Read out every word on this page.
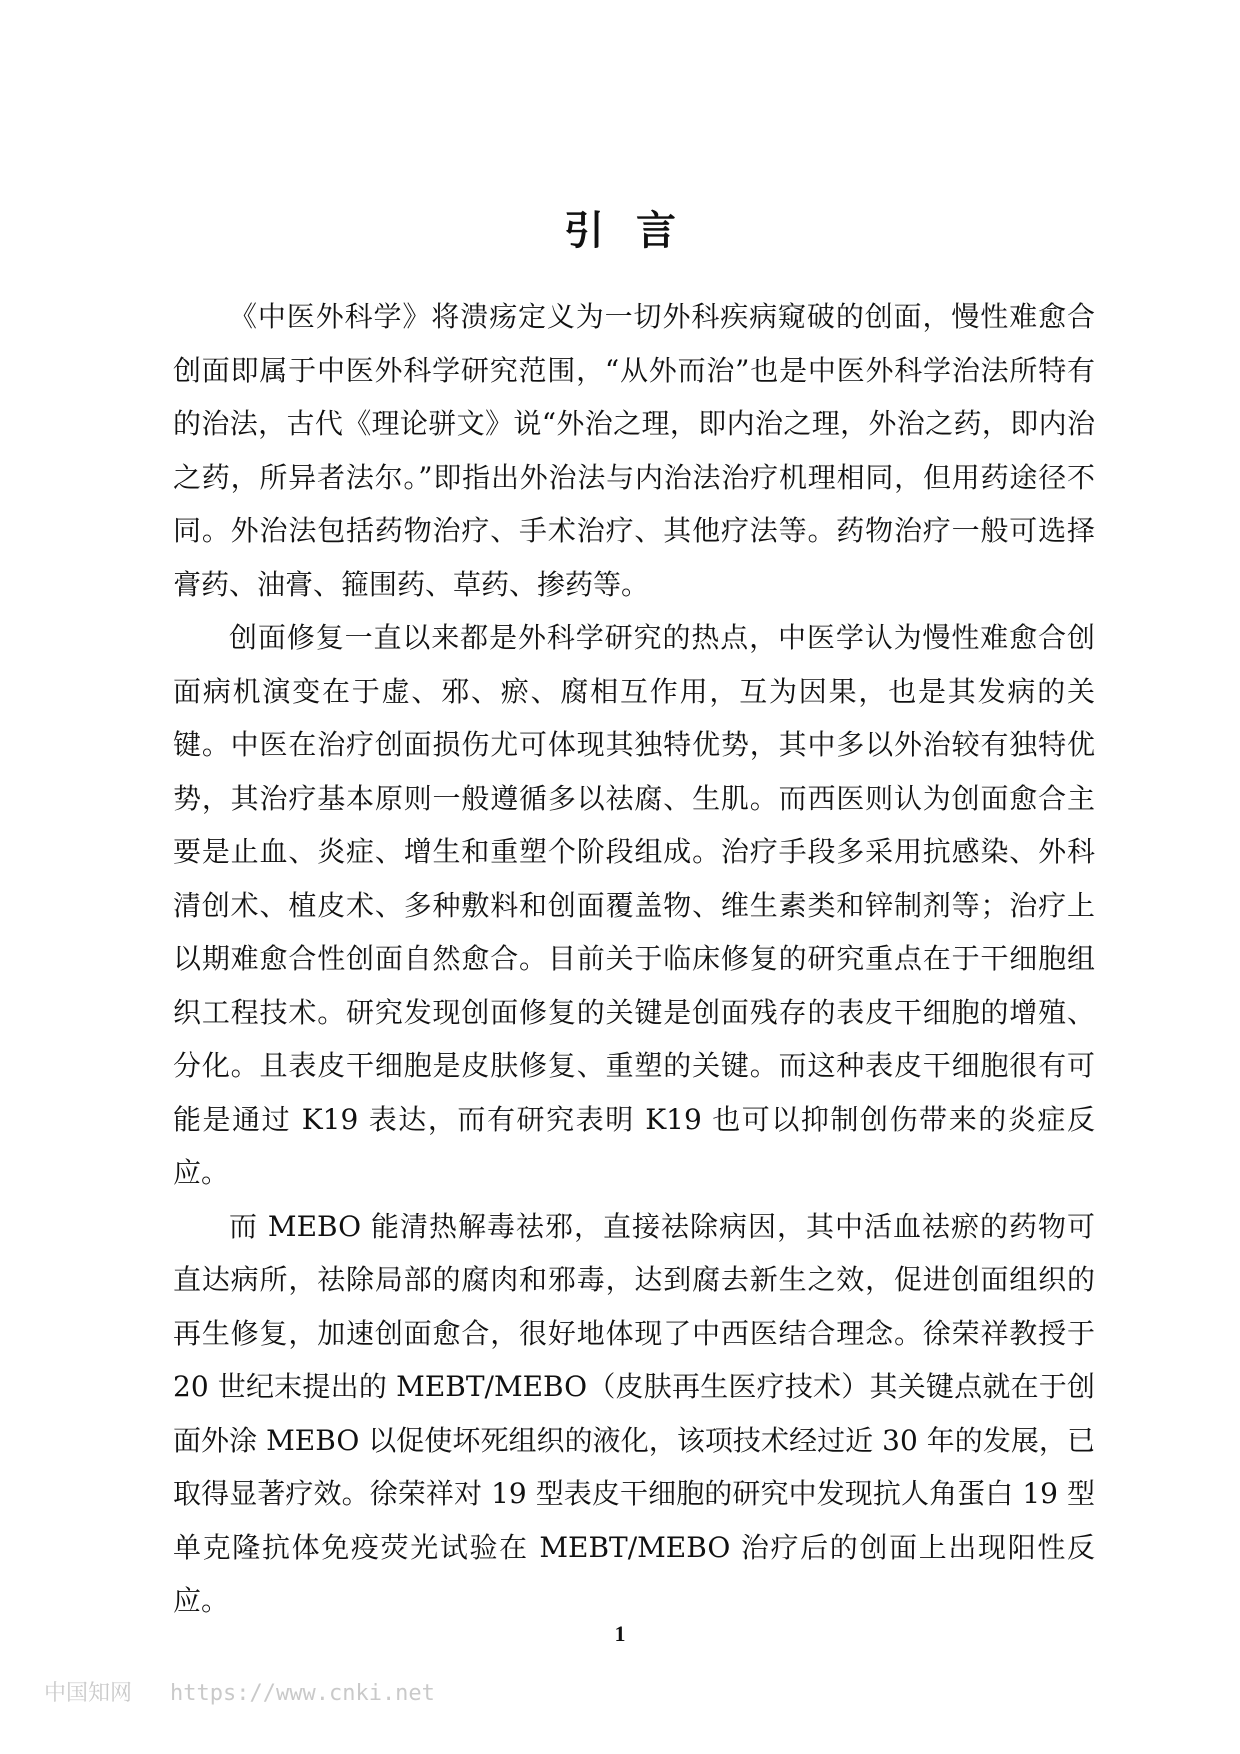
引言

《中医外科学》将溃疡定义为一切外科疾病窥破的创面，慢性难愈合创面即属于中医外科学研究范围，“从外而治”也是中医外科学治法所特有的治法，古代《理论骈文》说“外治之理，即内治之理，外治之药，即内治之药，所异者法尔。”即指出外治法与内治法治疗机理相同，但用药途径不同。外治法包括药物治疗、手术治疗、其他疗法等。药物治疗一般可选择膏药、油膏、箍围药、草药、掺药等。

创面修复一直以来都是外科学研究的热点，中医学认为慢性难愈合创面病机演变在于虚、邪、瘀、腐相互作用，互为因果，也是其发病的关键。中医在治疗创面损伤尤可体现其独特优势，其中多以外治较有独特优势，其治疗基本原则一般遵循多以祛腐、生肌。而西医则认为创面愈合主要是止血、炎症、增生和重塑个阶段组成。治疗手段多采用抗感染、外科清创术、植皮术、多种敷料和创面覆盖物、维生素类和锌制剂等；治疗上以期难愈合性创面自然愈合。目前关于临床修复的研究重点在于干细胞组织工程技术。研究发现创面修复的关键是创面残存的表皮干细胞的增殖、分化。且表皮干细胞是皮肤修复、重塑的关键。而这种表皮干细胞很有可能是通过 K19 表达，而有研究表明 K19 也可以抑制创伤带来的炎症反应。

而 MEBO 能清热解毒祛邪，直接祛除病因，其中活血祛瘀的药物可直达病所，祛除局部的腐肉和邪毒，达到腐去新生之效，促进创面组织的再生修复，加速创面愈合，很好地体现了中西医结合理念。徐荣祥教授于 20 世纪末提出的 MEBT/MEBO（皮肤再生医疗技术）其关键点就在于创面外涂 MEBO 以促使坏死组织的液化，该项技术经过近 30 年的发展，已取得显著疗效。徐荣祥对 19 型表皮干细胞的研究中发现抗人角蛋白 19 型单克隆抗体免疫荧光试验在 MEBT/MEBO 治疗后的创面上出现阳性反应。

1
中国知网 https://www.cnki.net
